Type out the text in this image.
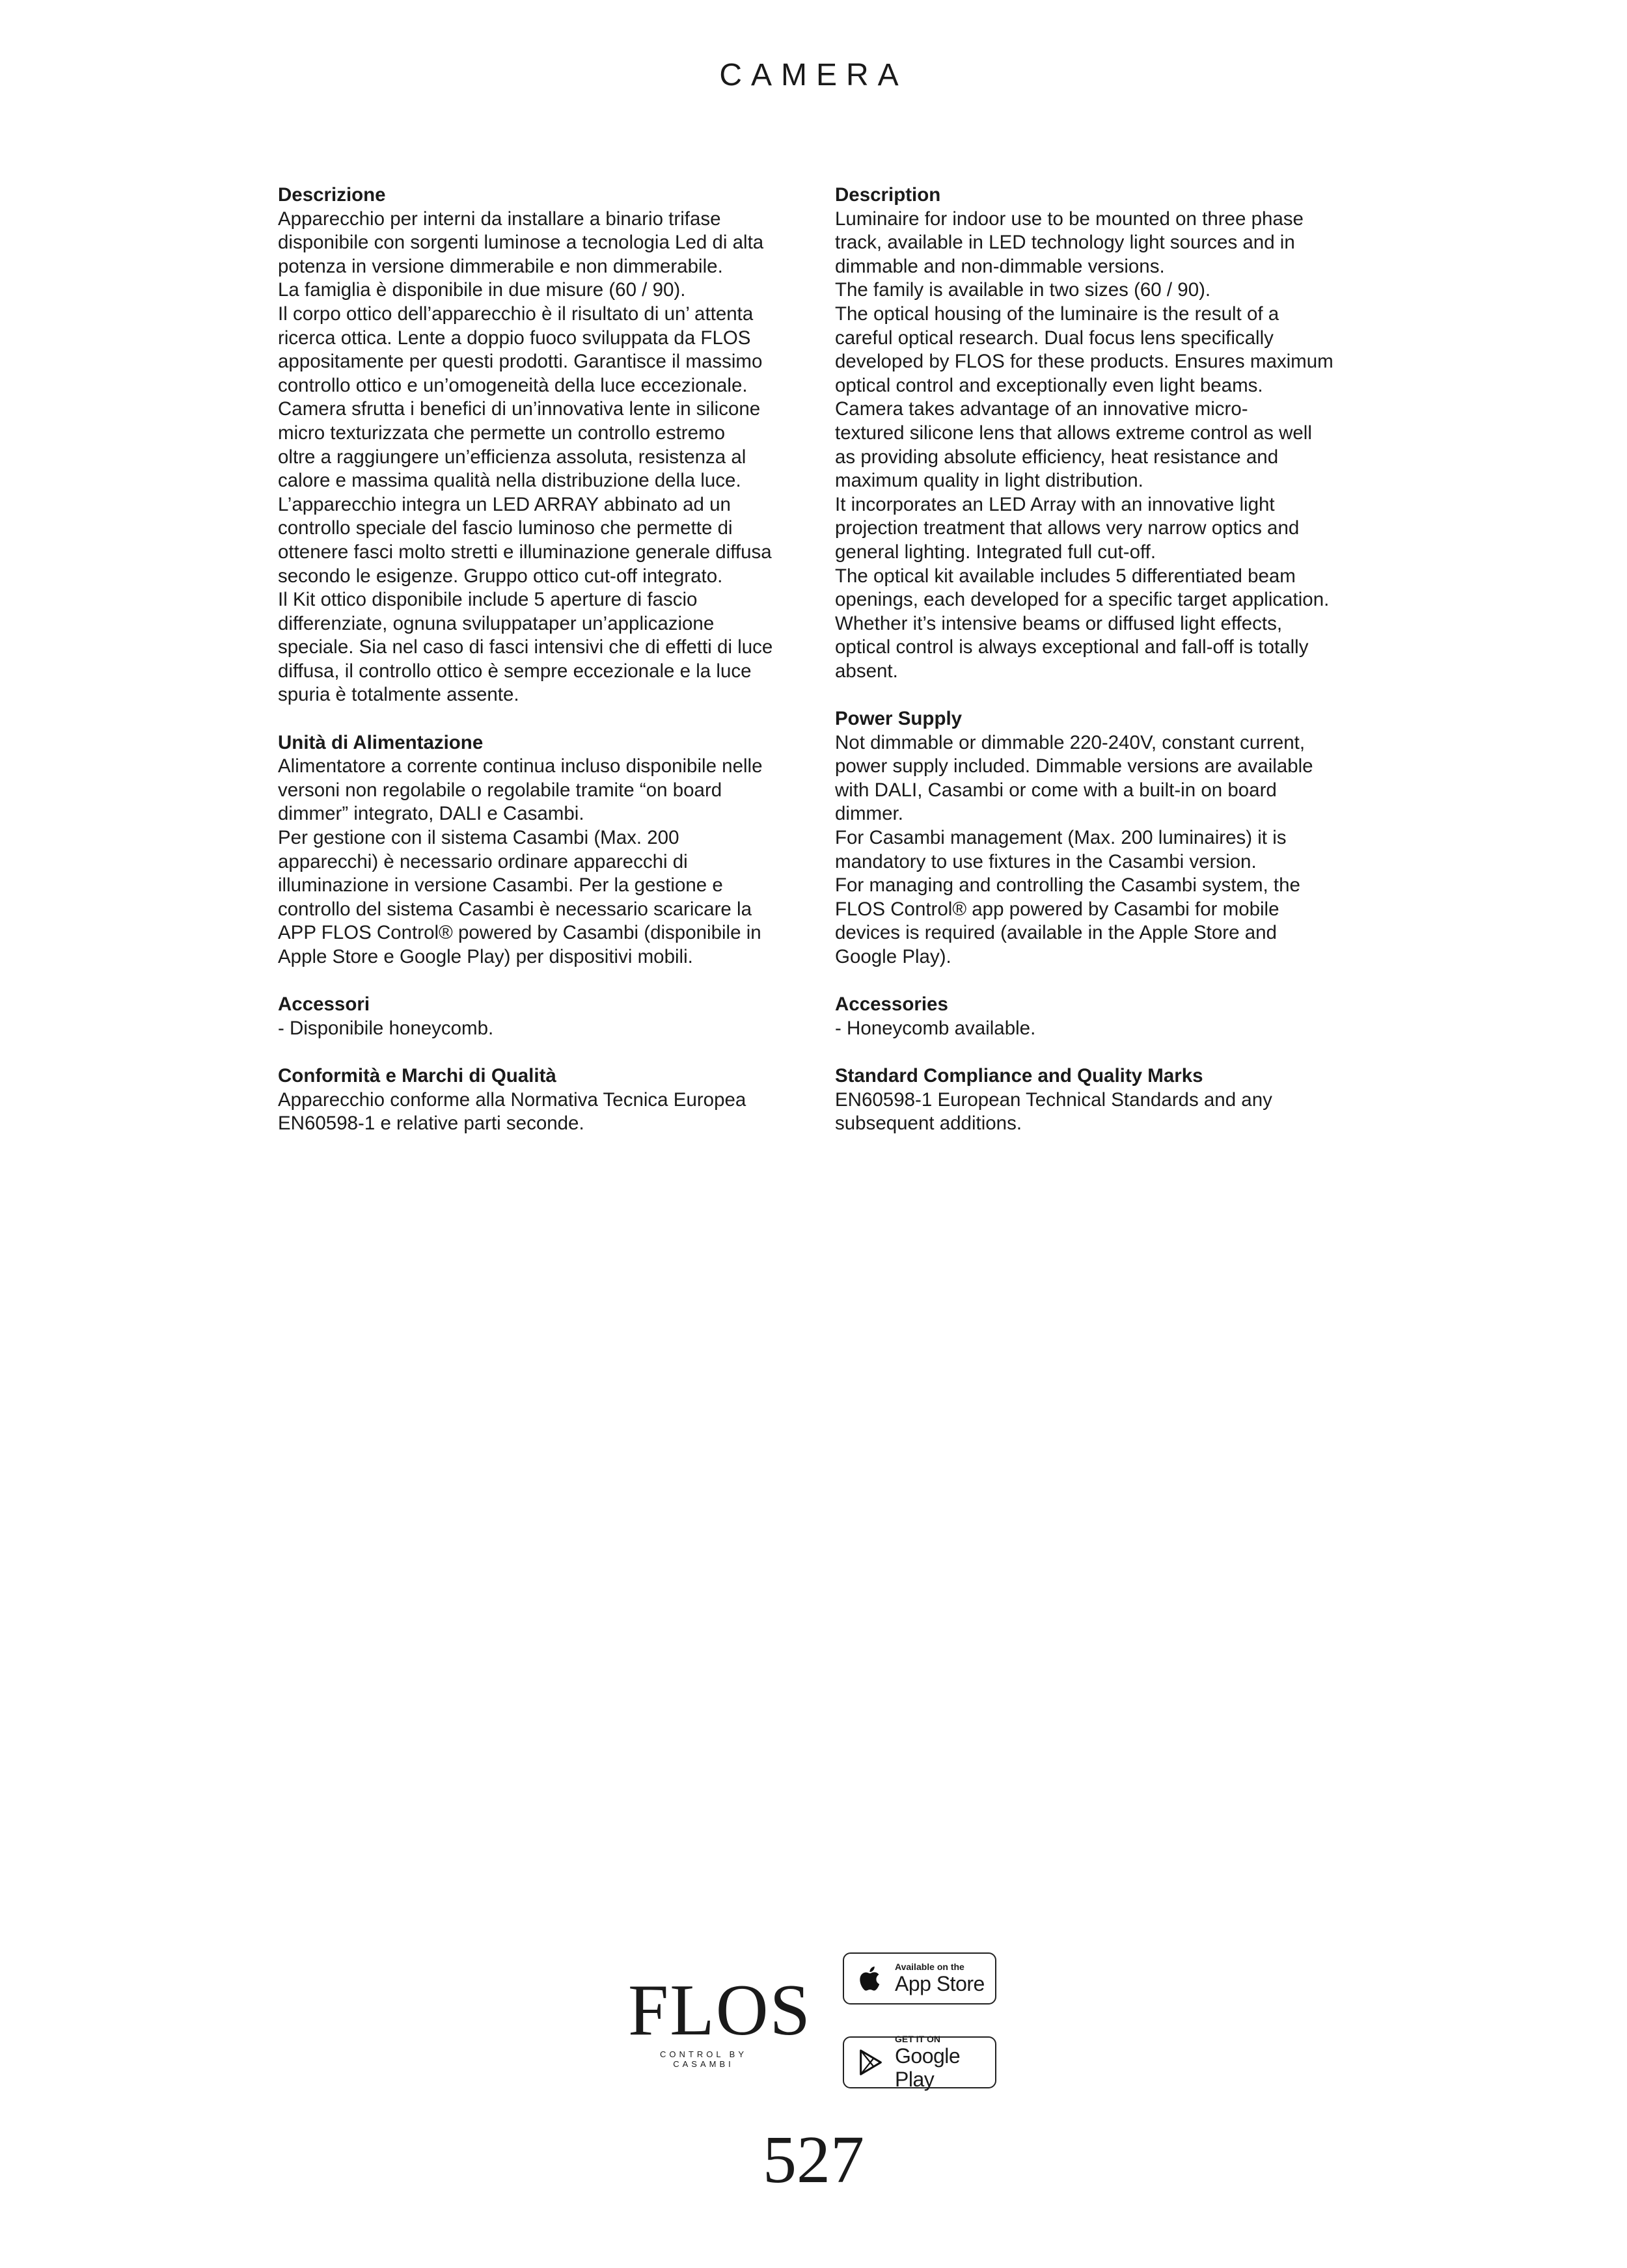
CAMERA
Descrizione

Apparecchio per interni da installare a binario trifase
disponibile con sorgenti luminose a tecnologia Led di alta
potenza in versione dimmerabile e non dimmerabile.
La famiglia è disponibile in due misure (60 / 90).
Il corpo ottico dell’apparecchio è il risultato di un’ attenta
ricerca ottica. Lente a doppio fuoco sviluppata da FLOS
appositamente per questi prodotti. Garantisce il massimo
controllo ottico e un’omogeneità della luce eccezionale.
Camera sfrutta i benefici di un’innovativa lente in silicone
micro texturizzata che permette un controllo estremo
oltre a raggiungere un’efficienza assoluta, resistenza al
calore e massima qualità nella distribuzione della luce.
L’apparecchio integra un LED ARRAY abbinato ad un
controllo speciale del fascio luminoso che permette di
ottenere fasci molto stretti e illuminazione generale diffusa
secondo le esigenze. Gruppo ottico cut-off integrato.
Il Kit ottico disponibile include 5 aperture di fascio
differenziate, ognuna sviluppataper un’applicazione
speciale. Sia nel caso di fasci intensivi che di effetti di luce
diffusa, il controllo ottico è sempre eccezionale e la luce
spuria è totalmente assente.

Unità di Alimentazione

Alimentatore a corrente continua incluso disponibile nelle
versoni non regolabile o regolabile tramite “on board
dimmer” integrato, DALI e Casambi.
Per gestione con il sistema Casambi (Max. 200
apparecchi) è necessario ordinare apparecchi di
illuminazione in versione Casambi. Per la gestione e
controllo del sistema Casambi è necessario scaricare la
APP FLOS Control® powered by Casambi (disponibile in
Apple Store e Google Play) per dispositivi mobili.

Accessori

- Disponibile honeycomb.

Conformità e Marchi di Qualità

Apparecchio conforme alla Normativa Tecnica Europea
EN60598-1 e relative parti seconde.

Description

Luminaire for indoor use to be mounted on three phase
track, available in LED technology light sources and in
dimmable and non-dimmable versions.
The family is available in two sizes (60 / 90).
The optical housing of the luminaire is the result of a
careful optical research. Dual focus lens specifically
developed by FLOS for these products. Ensures maximum
optical control and exceptionally even light beams.
Camera takes advantage of an innovative micro-
textured silicone lens that allows extreme control as well
as providing absolute efficiency, heat resistance and
maximum quality in light distribution.
It incorporates an LED Array with an innovative light
projection treatment that allows very narrow optics and
general lighting. Integrated full cut-off.
The optical kit available includes 5 differentiated beam
openings, each developed for a specific target application.
Whether it’s intensive beams or diffused light effects,
optical control is always exceptional and fall-off is totally
absent.

Power Supply

Not dimmable or dimmable 220-240V, constant current,
power supply included. Dimmable versions are available
with DALI, Casambi or come with a built-in on board
dimmer.
For Casambi management (Max. 200 luminaires) it is
mandatory to use fixtures in the Casambi version.
For managing and controlling the Casambi system, the
FLOS Control® app powered by Casambi for mobile
devices is required (available in the Apple Store and
Google Play).

Accessories

- Honeycomb available.

Standard Compliance and Quality Marks

EN60598-1 European Technical Standards and any
subsequent additions.

FLOS
CONTROL BY CASAMBI
Available on the
App Store
GET IT ON
Google Play
527
